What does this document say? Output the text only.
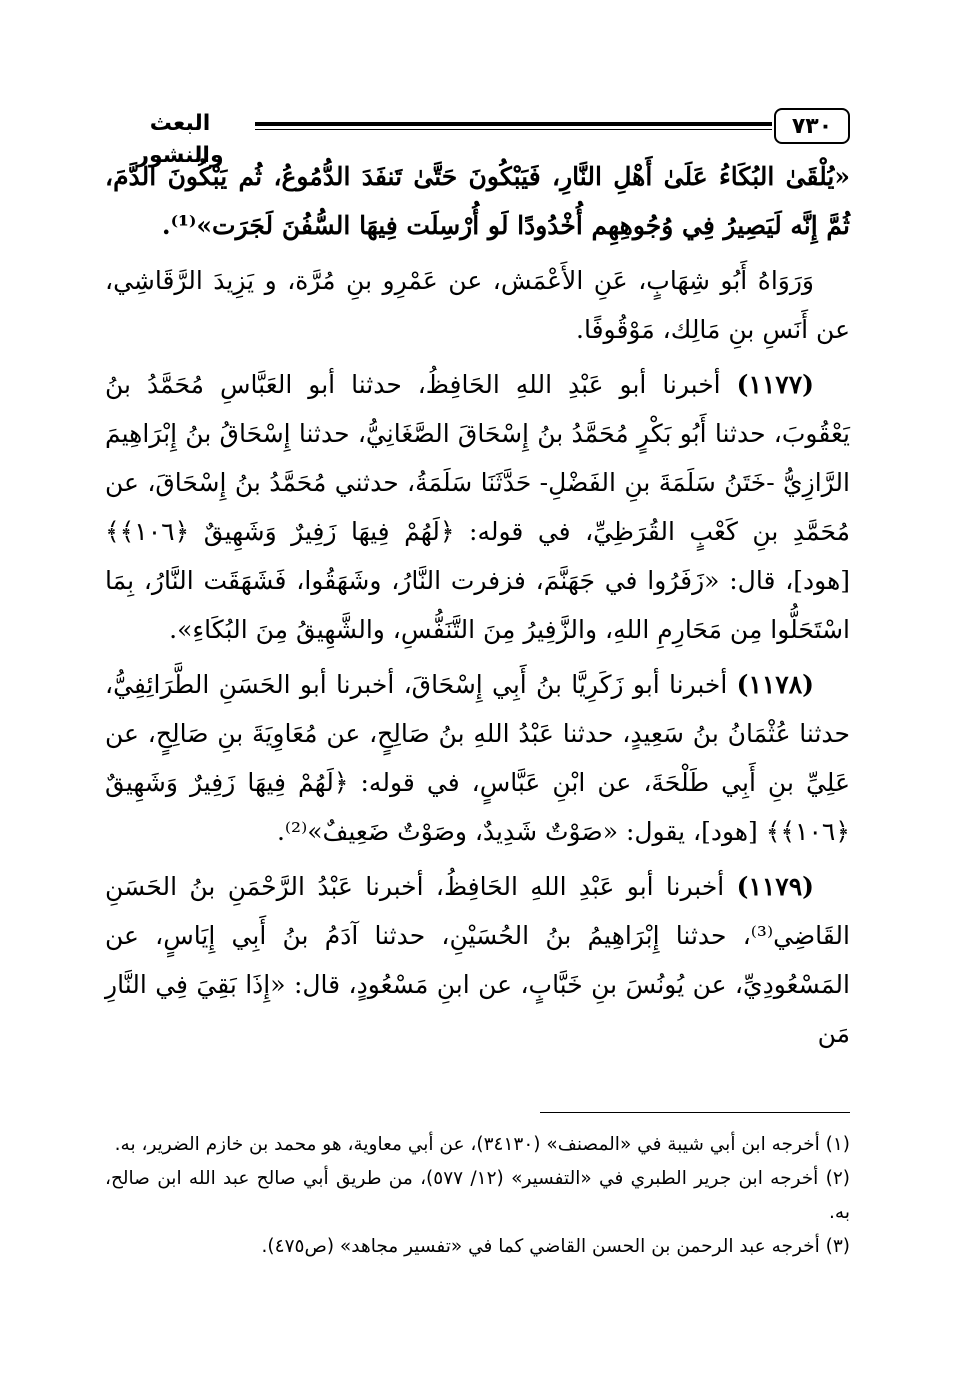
٧٣٠
البعث والنشور

«يُلْقَىٰ البُكَاءُ عَلَىٰ أَهْلِ النَّارِ، فَيَبْكُونَ حَتَّىٰ تَنفَدَ الدُّمُوعُ، ثُم يَبْكُونَ الدَّمَ، ثُمَّ إِنَّه لَيَصِيرُ فِي وُجُوهِهِم أُخْدُودًا لَو أُرْسِلَت فِيهَا السُّفُنَ لَجَرَت»⁽¹⁾.

وَرَوَاهُ أَبُو شِهَابٍ، عَنِ الأَعْمَش، عن عَمْرِو بنِ مُرَّة، و يَزِيدَ الرَّقَاشِي، عن أَنَسِ بنِ مَالِك، مَوْقُوفًا.

(١١٧٧) أخبرنا أبو عَبْدِ اللهِ الحَافِظُ، حدثنا أبو العَبَّاسِ مُحَمَّدُ بنُ يَعْقُوبَ، حدثنا أَبُو بَكْرٍ مُحَمَّدُ بنُ إِسْحَاقَ الصَّغَانِيُّ، حدثنا إِسْحَاقُ بنُ إِبْرَاهِيمَ الرَّازِيُّ -خَتَنُ سَلَمَةَ بنِ الفَضْلِ- حَدَّثَنَا سَلَمَةُ، حدثني مُحَمَّدُ بنُ إِسْحَاقَ، عن مُحَمَّدِ بنِ كَعْبٍ القُرَظِيِّ، في قوله: ﴿لَهُمْ فِيهَا زَفِيرٌ وَشَهِيقٌ ﴿١٠٦﴾﴾ [هود]، قال: «زَفَرُوا في جَهَنَّمَ، فزفرت النَّارُ، وشَهَقُوا، فَشَهَقَت النَّارُ، بِمَا اسْتَحَلُّوا مِن مَحَارِمِ اللهِ، والزَّفِيرُ مِنَ التَّنَفُّسِ، والشَّهِيقُ مِنَ البُكَاءِ».

(١١٧٨) أخبرنا أبو زَكَرِيَّا بنُ أَبِي إِسْحَاقَ، أخبرنا أبو الحَسَنِ الطَّرَائِفِيُّ، حدثنا عُثْمَانُ بنُ سَعِيدٍ، حدثنا عَبْدُ اللهِ بنُ صَالِحٍ، عن مُعَاوِيَةَ بنِ صَالِحٍ، عن عَلِيِّ بنِ أَبِي طَلْحَةَ، عن ابْنِ عَبَّاسٍ، في قوله: ﴿لَهُمْ فِيهَا زَفِيرٌ وَشَهِيقٌ ﴿١٠٦﴾﴾ [هود]، يقول: «صَوْتٌ شَدِيدٌ، وصَوْتٌ ضَعِيفٌ»⁽²⁾.

(١١٧٩) أخبرنا أبو عَبْدِ اللهِ الحَافِظُ، أخبرنا عَبْدُ الرَّحْمَنِ بنُ الحَسَنِ القَاضِي⁽³⁾، حدثنا إِبْرَاهِيمُ بنُ الحُسَيْنِ، حدثنا آدَمُ بنُ أَبِي إِيَاسٍ، عن المَسْعُودِيِّ، عن يُونُسَ بنِ خَبَّابٍ، عن ابنِ مَسْعُودٍ، قال: «إِذَا بَقِيَ فِي النَّارِ مَن

(١) أخرجه ابن أبي شيبة في «المصنف» (٣٤١٣٠)، عن أبي معاوية، هو محمد بن خازم الضرير، به.

(٢) أخرجه ابن جرير الطبري في «التفسير» (١٢/ ٥٧٧)، من طريق أبي صالح عبد الله ابن صالح، به.

(٣) أخرجه عبد الرحمن بن الحسن القاضي كما في «تفسير مجاهد» (ص٤٧٥).
